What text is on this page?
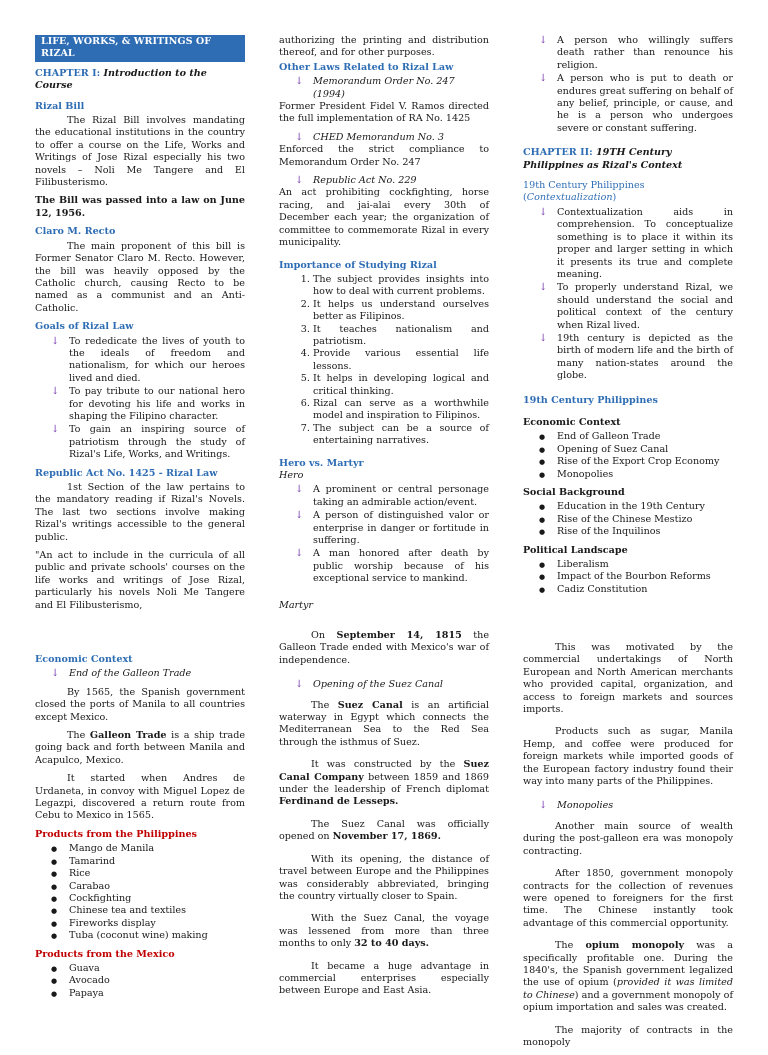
LIFE, WORKS, & WRITINGS OF RIZAL
CHAPTER I: Introduction to the Course
Rizal Bill

The Rizal Bill involves mandating the educational institutions in the country to offer a course on the Life, Works and Writings of Jose Rizal especially his two novels – Noli Me Tangere and El Filibusterismo.

The Bill was passed into a law on June 12, 1956.

Claro M. Recto

The main proponent of this bill is Former Senator Claro M. Recto. However, the bill was heavily opposed by the Catholic church, causing Recto to be named as a communist and an Anti-Catholic.

Goals of Rizal Law
↓ To rededicate the lives of youth to the ideals of freedom and nationalism, for which our heroes lived and died.
↓ To pay tribute to our national hero for devoting his life and works in shaping the Filipino character.
↓ To gain an inspiring source of patriotism through the study of Rizal's Life, Works, and Writings.
Republic Act No. 1425 - Rizal Law

1st Section of the law pertains to the mandatory reading if Rizal's Novels. The last two sections involve making Rizal's writings accessible to the general public.

"An act to include in the curricula of all public and private schools' courses on the life works and writings of Jose Rizal, particularly his novels Noli Me Tangere and El Filibusterismo,

authorizing the printing and distribution thereof, and for other purposes.

Other Laws Related to Rizal Law
↓ Memorandum Order No. 247 (1994)

Former President Fidel V. Ramos directed the full implementation of RA No. 1425

↓ CHED Memorandum No. 3

Enforced the strict compliance to Memorandum Order No. 247

↓ Republic Act No. 229

An act prohibiting cockfighting, horse racing, and jai-alai every 30th of December each year; the organization of committee to commemorate Rizal in every municipality.

Importance of Studying Rizal
1. The subject provides insights into how to deal with current problems.
2. It helps us understand ourselves better as Filipinos.
3. It teaches nationalism and patriotism.
4. Provide various essential life lessons.
5. It helps in developing logical and critical thinking.
6. Rizal can serve as a worthwhile model and inspiration to Filipinos.
7. The subject can be a source of entertaining narratives.
Hero vs. Martyr
Hero
↓ A prominent or central personage taking an admirable action/event.
↓ A person of distinguished valor or enterprise in danger or fortitude in suffering.
↓ A man honored after death by public worship because of his exceptional service to mankind.
Martyr
↓ A person who willingly suffers death rather than renounce his religion.
↓ A person who is put to death or endures great suffering on behalf of any belief, principle, or cause, and he is a person who undergoes severe or constant suffering.
CHAPTER II: 19TH Century Philippines as Rizal's Context
19th Century Philippines (Contextualization)
↓ Contextualization aids in comprehension. To conceptualize something is to place it within its proper and larger setting in which it presents its true and complete meaning.
↓ To properly understand Rizal, we should understand the social and political context of the century when Rizal lived.
↓ 19th century is depicted as the birth of modern life and the birth of many nation-states around the globe.
19th Century Philippines
Economic Context
● End of Galleon Trade
● Opening of Suez Canal
● Rise of the Export Crop Economy
● Monopolies
Social Background
● Education in the 19th Century
● Rise of the Chinese Mestizo
● Rise of the Inquilinos
Political Landscape
● Liberalism
● Impact of the Bourbon Reforms
● Cadiz Constitution
Economic Context
↓ End of the Galleon Trade

By 1565, the Spanish government closed the ports of Manila to all countries except Mexico.

The Galleon Trade is a ship trade going back and forth between Manila and Acapulco, Mexico.

It started when Andres de Urdaneta, in convoy with Miguel Lopez de Legazpi, discovered a return route from Cebu to Mexico in 1565.

Products from the Philippines
● Mango de Manila
● Tamarind
● Rice
● Carabao
● Cockfighting
● Chinese tea and textiles
● Fireworks display
● Tuba (coconut wine) making
Products from the Mexico
● Guava
● Avocado
● Papaya

On September 14, 1815 the Galleon Trade ended with Mexico's war of independence.

↓ Opening of the Suez Canal

The Suez Canal is an artificial waterway in Egypt which connects the Mediterranean Sea to the Red Sea through the isthmus of Suez.

It was constructed by the Suez Canal Company between 1859 and 1869 under the leadership of French diplomat Ferdinand de Lesseps.

The Suez Canal was officially opened on November 17, 1869.

With its opening, the distance of travel between Europe and the Philippines was considerably abbreviated, bringing the country virtually closer to Spain.

With the Suez Canal, the voyage was lessened from more than three months to only 32 to 40 days.

It became a huge advantage in commercial enterprises especially between Europe and East Asia.

This was motivated by the commercial undertakings of North European and North American merchants who provided capital, organization, and access to foreign markets and sources imports.

Products such as sugar, Manila Hemp, and coffee were produced for foreign markets while imported goods of the European factory industry found their way into many parts of the Philippines.

↓ Monopolies

Another main source of wealth during the post-galleon era was monopoly contracting.

After 1850, government monopoly contracts for the collection of revenues were opened to foreigners for the first time. The Chinese instantly took advantage of this commercial opportunity.

The opium monopoly was a specifically profitable one. During the 1840's, the Spanish government legalized the use of opium (provided it was limited to Chinese) and a government monopoly of opium importation and sales was created.

The majority of contracts in the monopoly
